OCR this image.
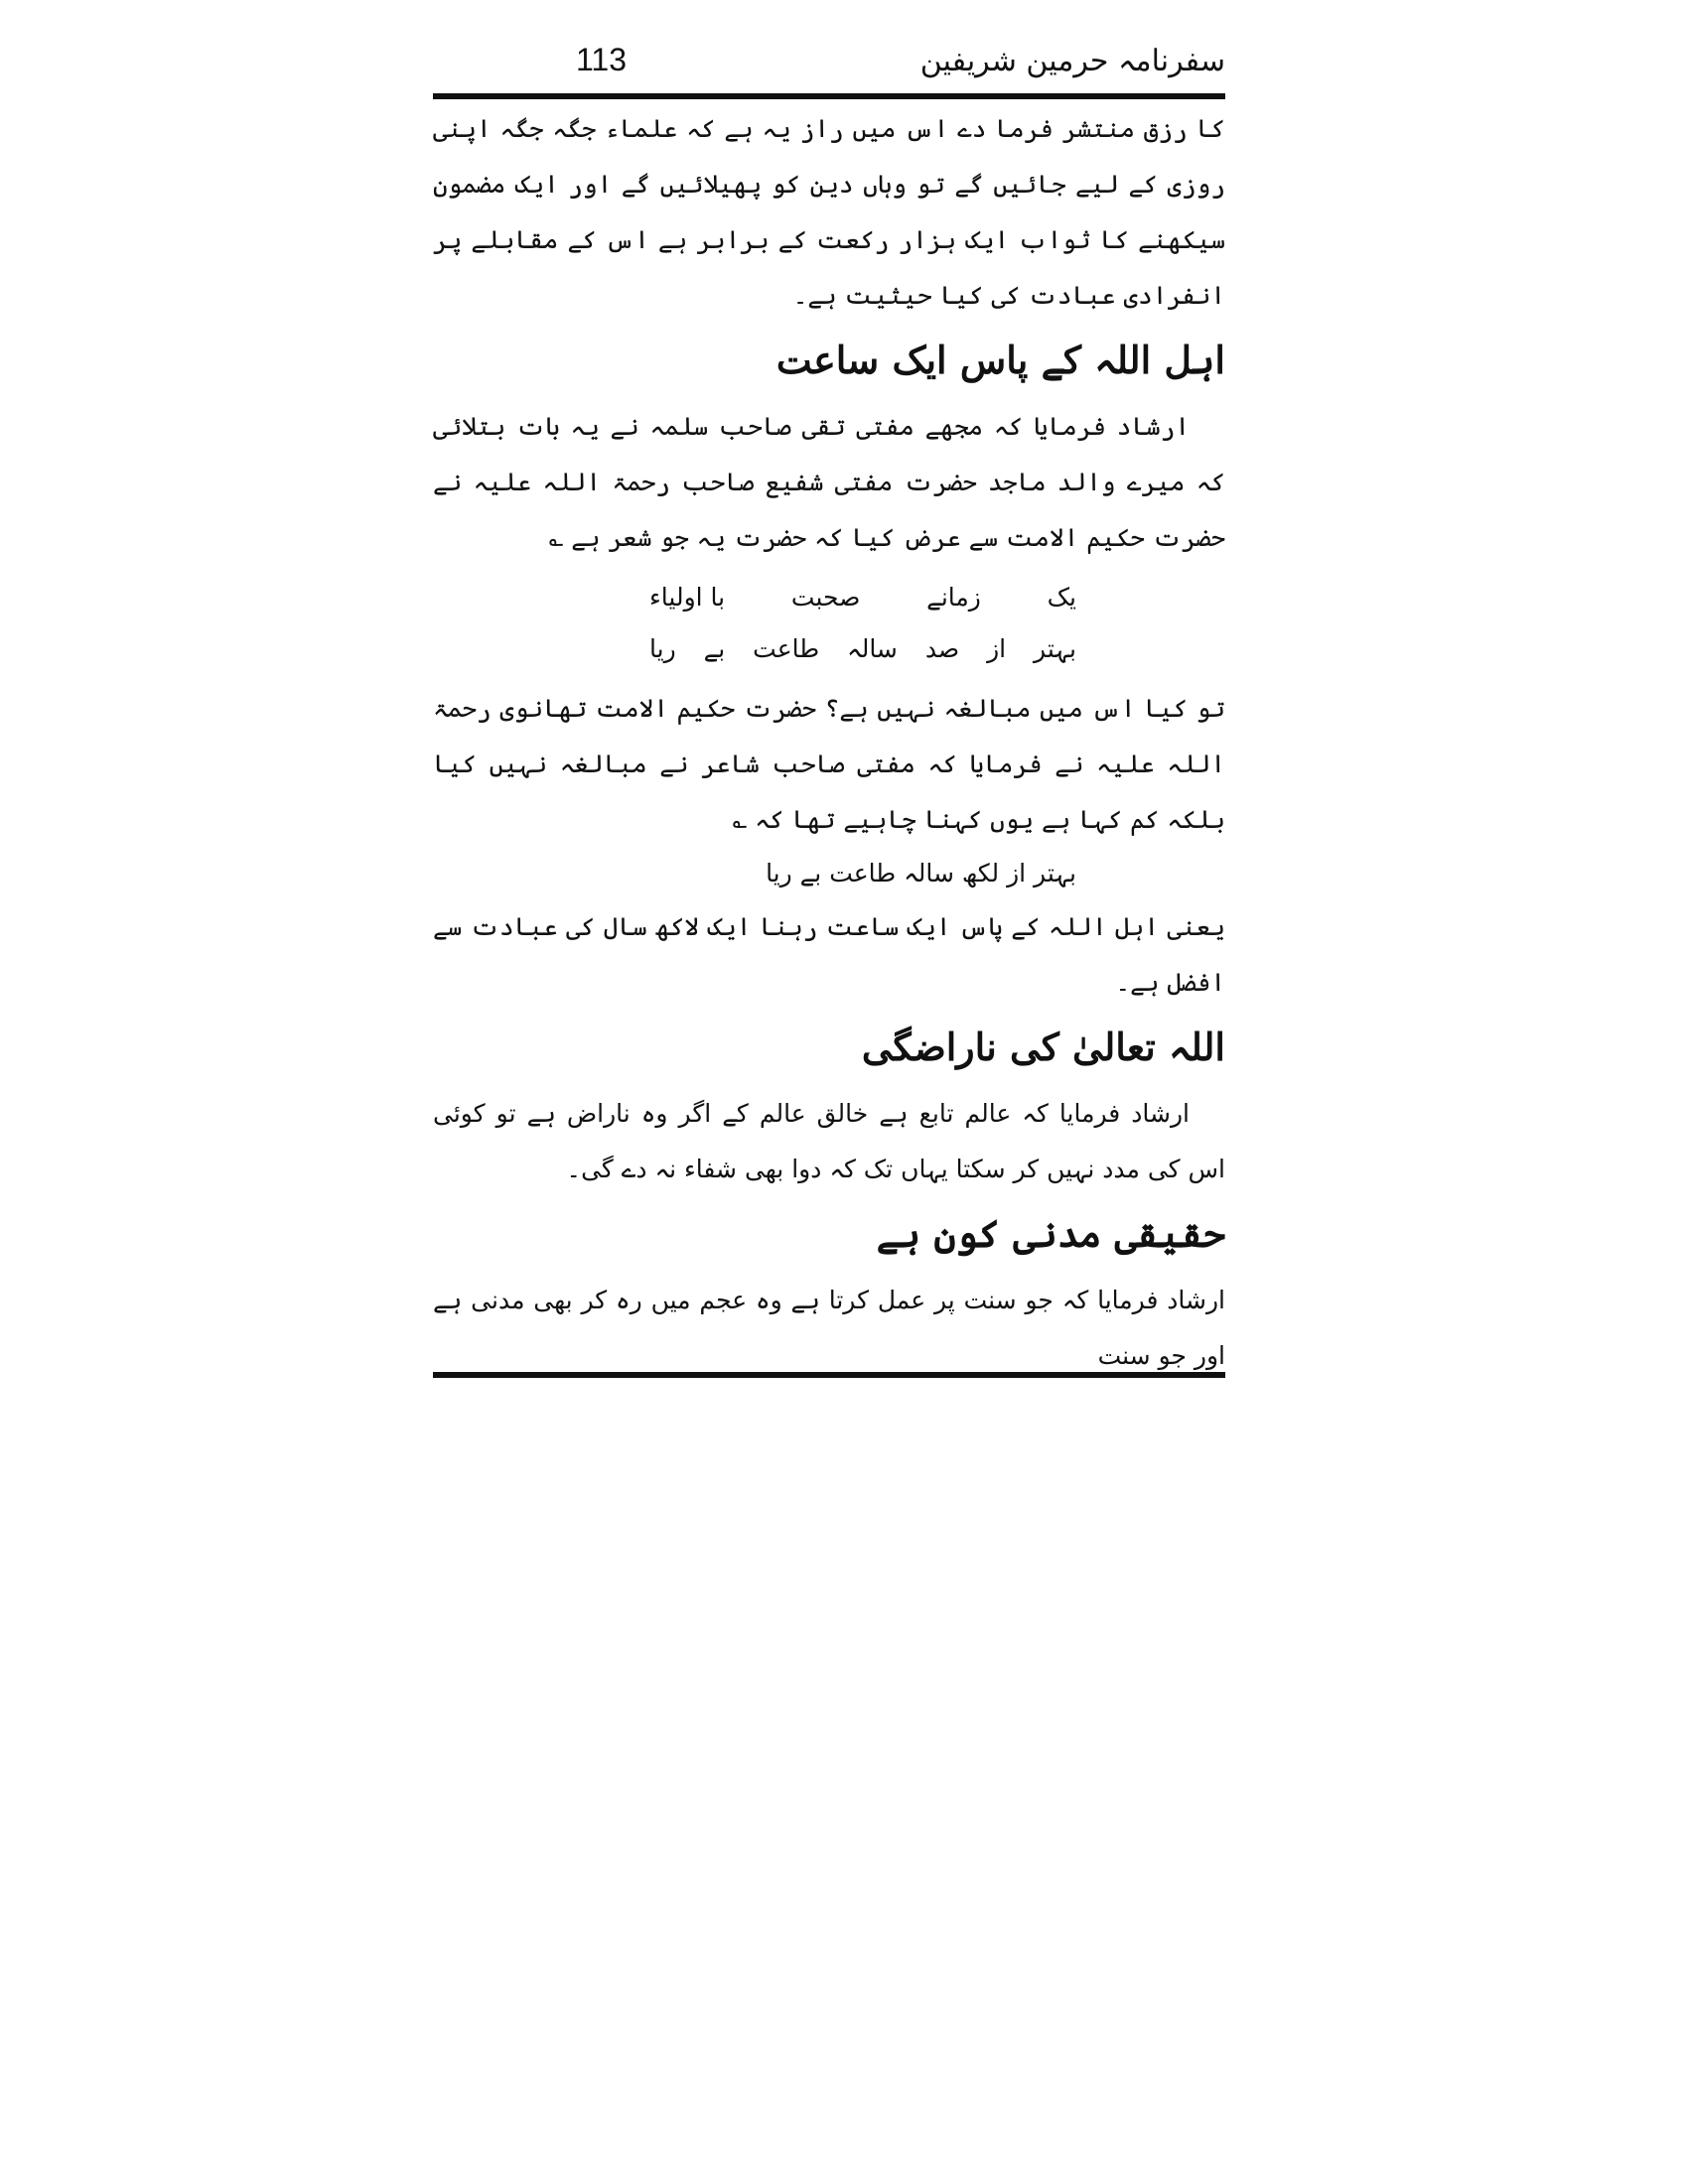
سفرنامہ حرمین شریفین
113

کا رزق منتشر فرما دے اس میں راز یہ ہے کہ علماء جگہ جگہ اپنی روزی کے لیے جائیں گے تو وہاں دین کو پھیلائیں گے اور ایک مضمون سیکھنے کا ثواب ایک ہزار رکعت کے برابر ہے اس کے مقابلے پر انفرادی عبادت کی کیا حیثیت ہے۔

اہل اللہ کے پاس ایک ساعت

ارشاد فرمایا کہ مجھے مفتی تقی صاحب سلمہ نے یہ بات بتلائی کہ میرے والد ماجد حضرت مفتی شفیع صاحب رحمۃ اللہ علیہ نے حضرت حکیم الامت سے عرض کیا کہ حضرت یہ جو شعر ہے ؎

یک
زمانے
صحبت
با اولیاء
بہتر
از
صد
سالہ
طاعت
بے
ریا

تو کیا اس میں مبالغہ نہیں ہے؟ حضرت حکیم الامت تھانوی رحمۃ اللہ علیہ نے فرمایا کہ مفتی صاحب شاعر نے مبالغہ نہیں کیا بلکہ کم کہا ہے یوں کہنا چاہیے تھا کہ ؎

بہتر از لکھ سالہ طاعت بے ریا

یعنی اہل اللہ کے پاس ایک ساعت رہنا ایک لاکھ سال کی عبادت سے افضل ہے۔

اللہ تعالیٰ کی ناراضگی

ارشاد فرمایا کہ عالم تابع ہے خالق عالم کے اگر وہ ناراض ہے تو کوئی اس کی مدد نہیں کر سکتا یہاں تک کہ دوا بھی شفاء نہ دے گی۔

حقیقی مدنی کون ہے

ارشاد فرمایا کہ جو سنت پر عمل کرتا ہے وہ عجم میں رہ کر بھی مدنی ہے اور جو سنت
